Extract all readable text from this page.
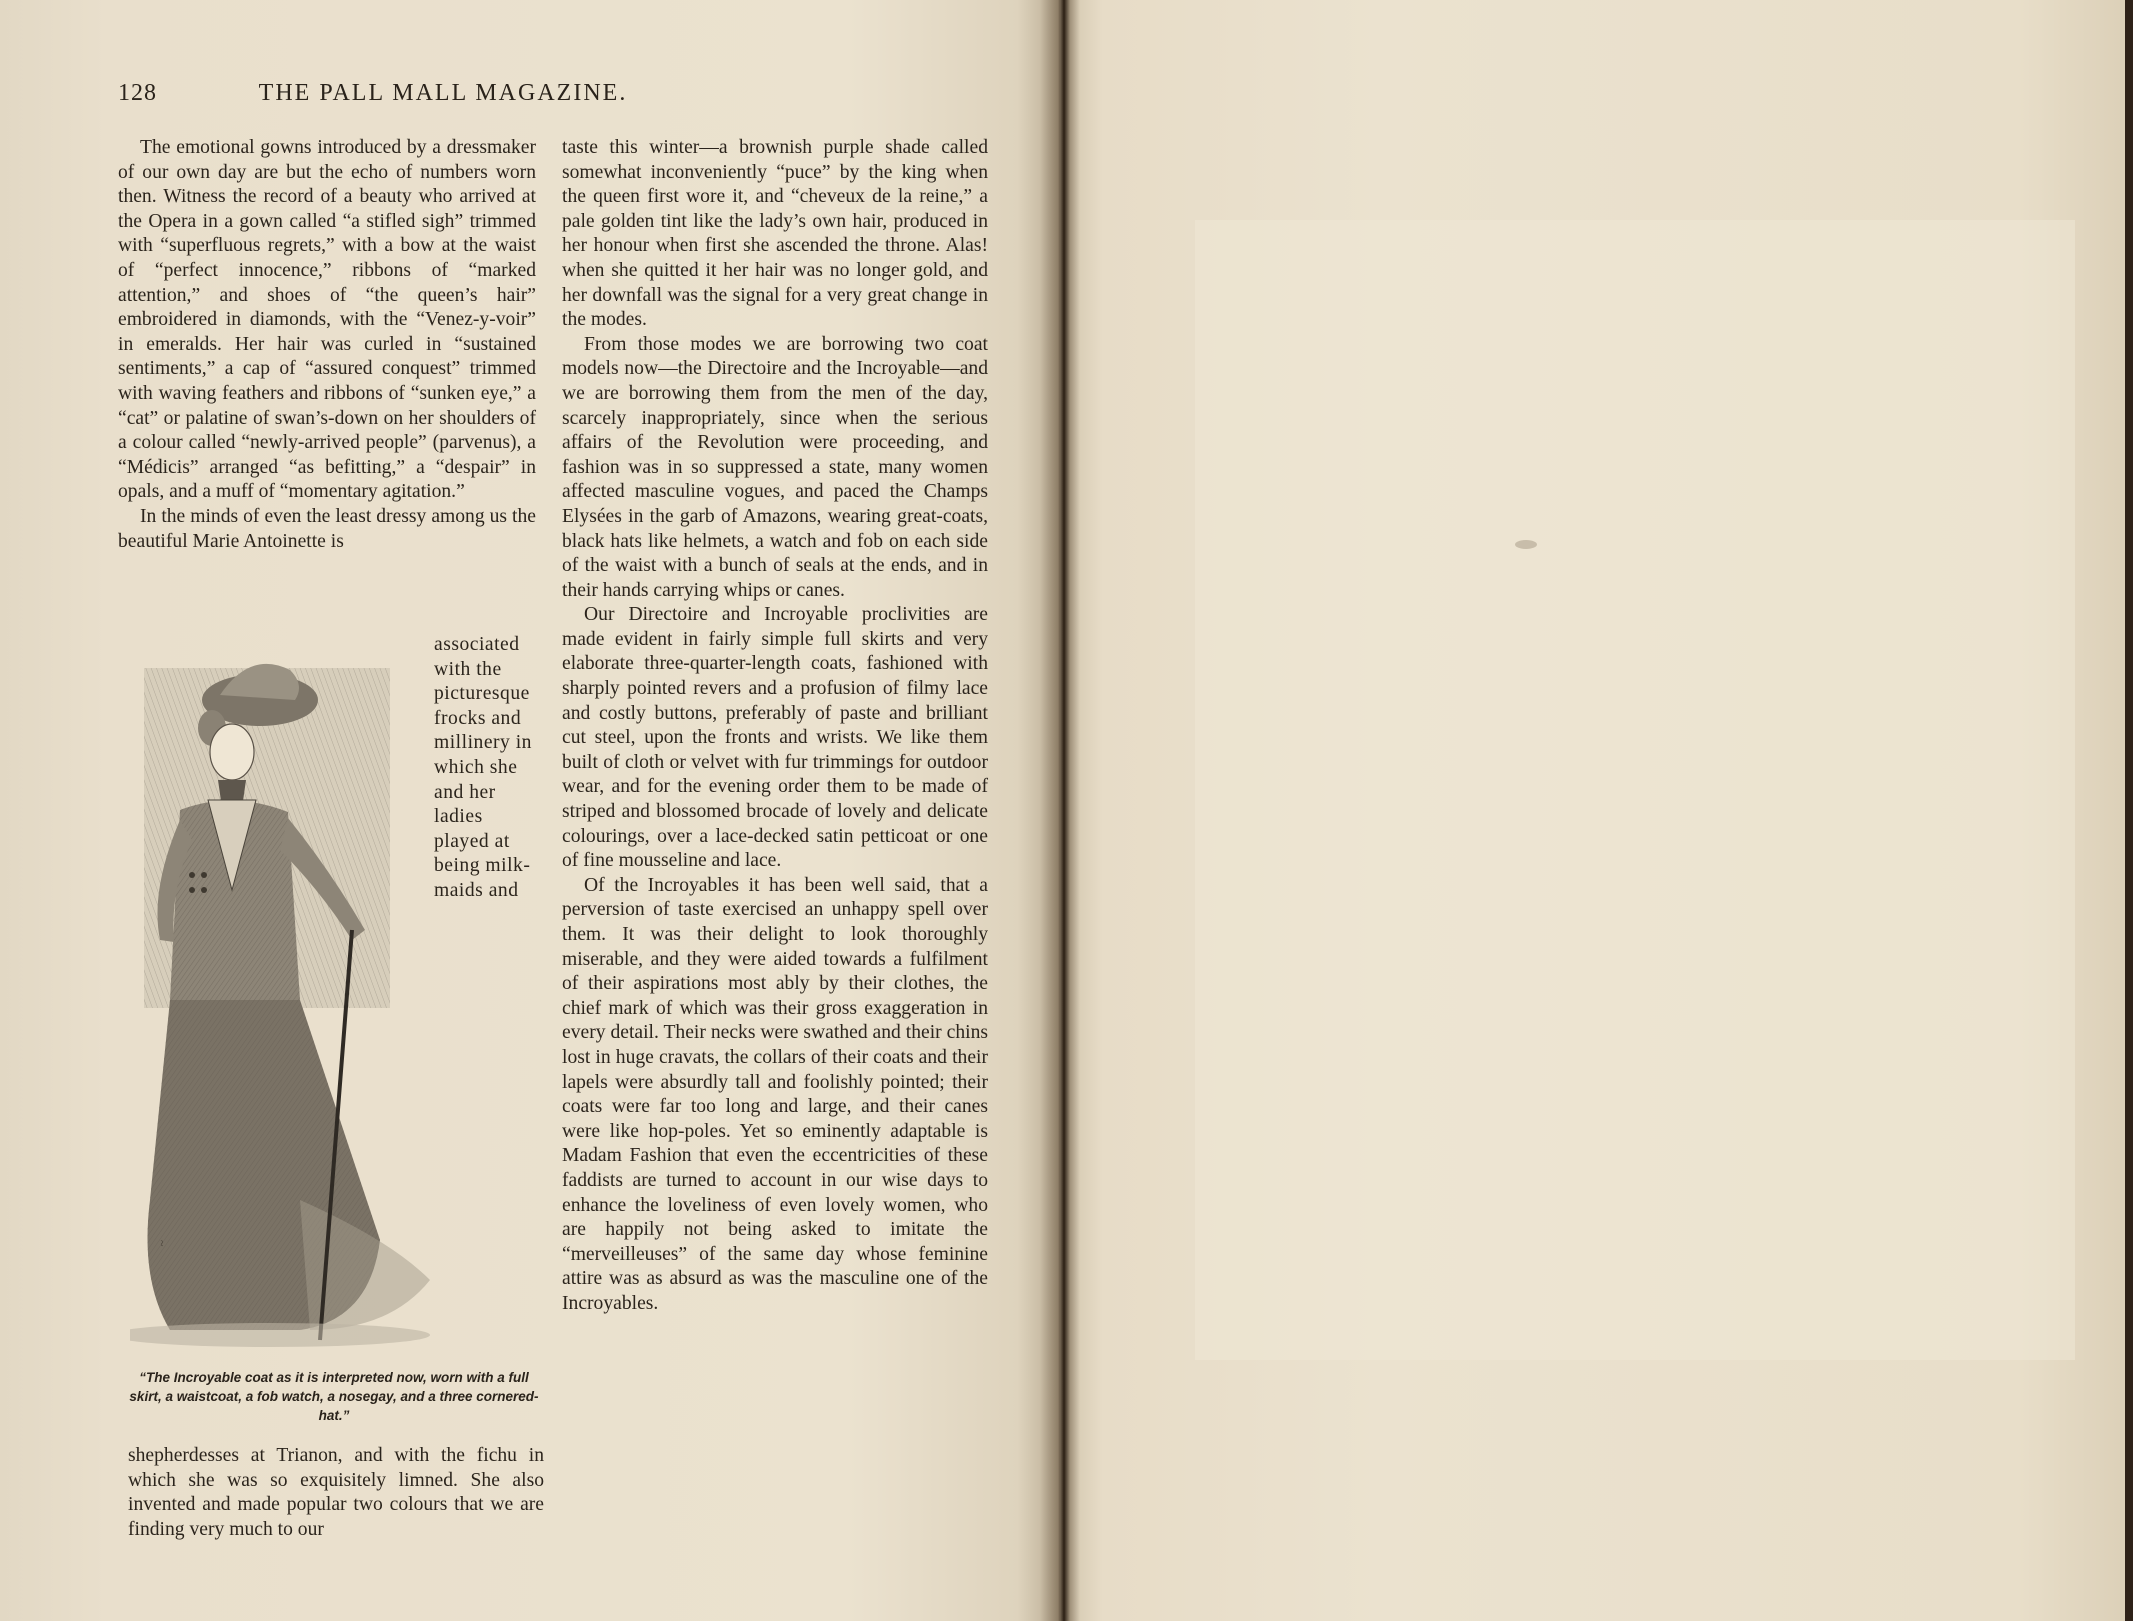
128	THE PALL MALL MAGAZINE.

The emotional gowns introduced by a dressmaker of our own day are but the echo of numbers worn then. Witness the record of a beauty who arrived at the Opera in a gown called “a stifled sigh” trimmed with “superfluous regrets,” with a bow at the waist of “perfect innocence,” ribbons of “marked attention,” and shoes of “the queen’s hair” embroidered in diamonds, with the “Venez-y-voir” in emeralds. Her hair was curled in “sustained sentiments,” a cap of “assured conquest” trimmed with waving feathers and ribbons of “sunken eye,” a “cat” or palatine of swan’s-down on her shoulders of a colour called “newly-arrived people” (parvenus), a “Médicis” arranged “as befitting,” a “despair” in opals, and a muff of “momentary agitation.”

In the minds of even the least dressy among us the beautiful Marie Antoinette is

associated with the picturesque frocks and millinery in which she and her ladies played at being milk-maids and
~
“The Incroyable coat as it is interpreted now, worn with a full skirt, a waistcoat, a fob watch, a nosegay, and a three cornered-hat.”

shepherdesses at Trianon, and with the fichu in which she was so exquisitely limned. She also invented and made popular two colours that we are finding very much to our

taste this winter—a brownish purple shade called somewhat inconveniently “puce” by the king when the queen first wore it, and “cheveux de la reine,” a pale golden tint like the lady’s own hair, produced in her honour when first she ascended the throne. Alas! when she quitted it her hair was no longer gold, and her downfall was the signal for a very great change in the modes.

From those modes we are borrowing two coat models now—the Directoire and the Incroyable—and we are borrowing them from the men of the day, scarcely inappropriately, since when the serious affairs of the Revolution were proceeding, and fashion was in so suppressed a state, many women affected masculine vogues, and paced the Champs Elysées in the garb of Amazons, wearing great-coats, black hats like helmets, a watch and fob on each side of the waist with a bunch of seals at the ends, and in their hands carrying whips or canes.

Our Directoire and Incroyable proclivities are made evident in fairly simple full skirts and very elaborate three-quarter-length coats, fashioned with sharply pointed revers and a profusion of filmy lace and costly buttons, preferably of paste and brilliant cut steel, upon the fronts and wrists. We like them built of cloth or velvet with fur trimmings for outdoor wear, and for the evening order them to be made of striped and blossomed brocade of lovely and delicate colourings, over a lace-decked satin petticoat or one of fine mousseline and lace.

Of the Incroyables it has been well said, that a perversion of taste exercised an unhappy spell over them. It was their delight to look thoroughly miserable, and they were aided towards a fulfilment of their aspirations most ably by their clothes, the chief mark of which was their gross exaggeration in every detail. Their necks were swathed and their chins lost in huge cravats, the collars of their coats and their lapels were absurdly tall and foolishly pointed; their coats were far too long and large, and their canes were like hop-poles. Yet so eminently adaptable is Madam Fashion that even the eccentricities of these faddists are turned to account in our wise days to enhance the loveliness of even lovely women, who are happily not being asked to imitate the “merveilleuses” of the same day whose feminine attire was as absurd as was the masculine one of the Incroyables.
